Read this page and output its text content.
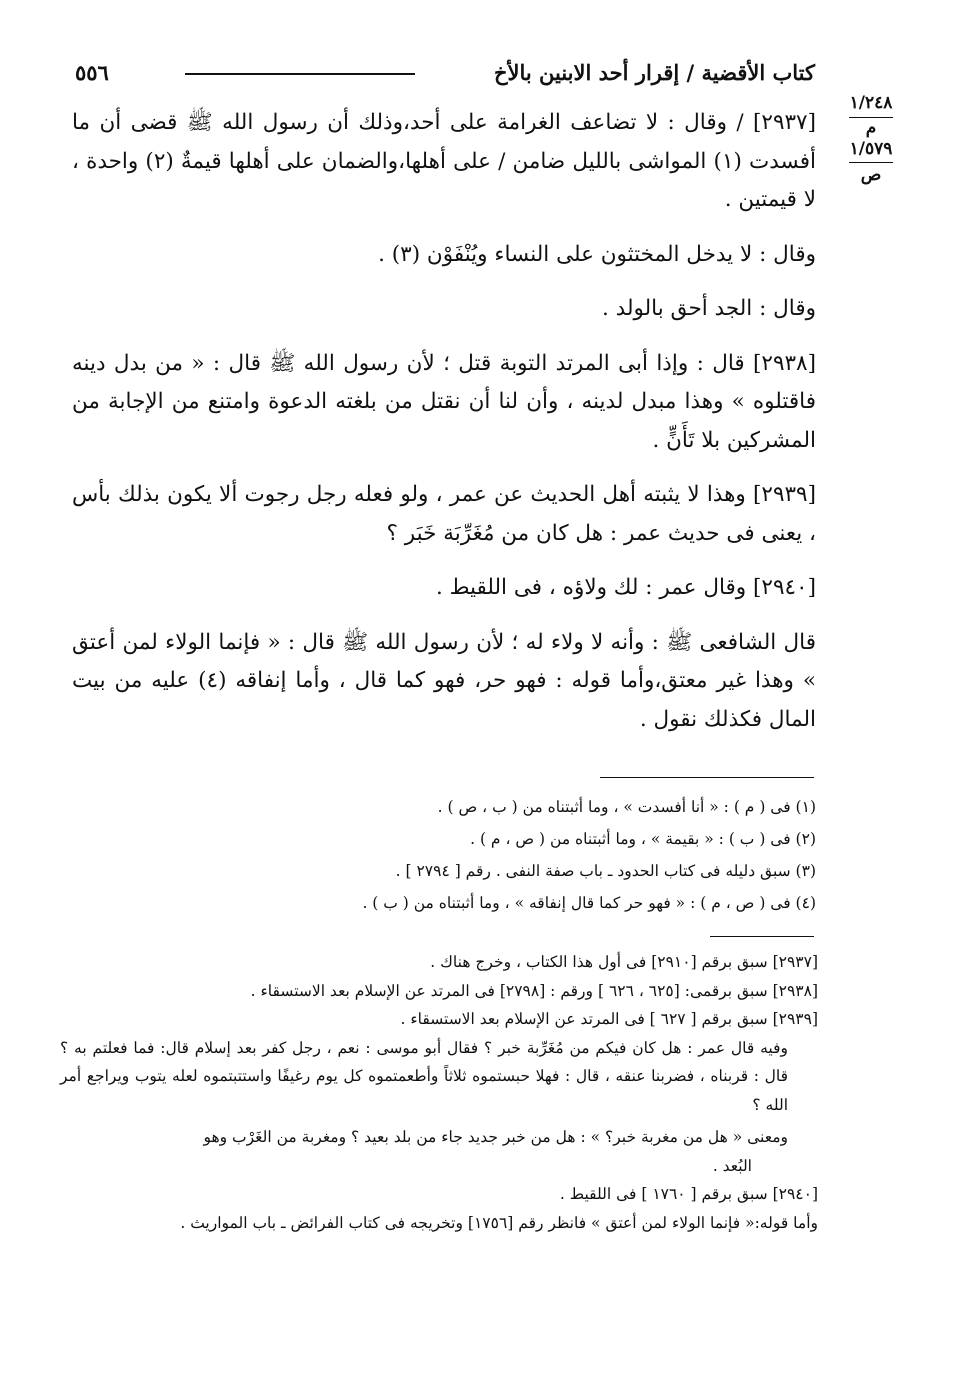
كتاب الأقضية / إقرار أحد الابنين بالأخ
٥٥٦
١/٢٤٨
م
١/٥٧٩
ص

[٢٩٣٧] / وقال : لا تضاعف الغرامة على أحد،وذلك أن رسول الله ﷺ قضى أن ما أفسدت (١) المواشى بالليل ضامن / على أهلها،والضمان على أهلها قيمةٌ (٢) واحدة ، لا قيمتين .

وقال : لا يدخل المختثون على النساء ويُنْفَوْن (٣) .

وقال : الجد أحق بالولد .

[٢٩٣٨] قال : وإذا أبى المرتد التوبة قتل ؛ لأن رسول الله ﷺ قال : « من بدل دينه فاقتلوه » وهذا مبدل لدينه ، وأن لنا أن نقتل من بلغته الدعوة وامتنع من الإجابة من المشركين بلا تَأَنٍّ .

[٢٩٣٩] وهذا لا يثبته أهل الحديث عن عمر ، ولو فعله رجل رجوت ألا يكون بذلك بأس ، يعنى فى حديث عمر : هل كان من مُغَرِّبَة خَبَر ؟

[٢٩٤٠] وقال عمر : لك ولاؤه ، فى اللقيط .

قال الشافعى ﷺ : وأنه لا ولاء له ؛ لأن رسول الله ﷺ قال : « فإنما الولاء لمن أعتق » وهذا غير معتق،وأما قوله : فهو حر، فهو كما قال ، وأما إنفاقه (٤) عليه من بيت المال فكذلك نقول .

(١) فى ( م ) : « أنا أفسدت » ، وما أثبتناه من ( ب ، ص ) .
(٢) فى ( ب ) : « بقيمة » ، وما أثبتناه من ( ص ، م ) .
(٣) سبق دليله فى كتاب الحدود ـ باب صفة النفى . رقم [ ٢٧٩٤ ] .
(٤) فى ( ص ، م ) : « فهو حر كما قال إنفاقه » ، وما أثبتناه من ( ب ) .
[٢٩٣٧] سبق برقم [٢٩١٠] فى أول هذا الكتاب ، وخرج هناك .
[٢٩٣٨] سبق برقمى: [٦٢٥ ، ٦٢٦ ] ورقم : [٢٧٩٨] فى المرتد عن الإسلام بعد الاستسقاء .
[٢٩٣٩] سبق برقم [ ٦٢٧ ] فى المرتد عن الإسلام بعد الاستسقاء .
وفيه قال عمر : هل كان فيكم من مُغَرِّبة خبر ؟ فقال أبو موسى : نعم ، رجل كفر بعد إسلام قال: فما فعلتم به ؟ قال : قربناه ، فضربنا عنقه ، قال : فهلا حبستموه ثلاثاً وأطعمتموه كل يوم رغيفًا واستتبتموه لعله يتوب ويراجع أمر الله ؟
ومعنى « هل من مغربة خبر؟ » : هل من خبر جديد جاء من بلد بعيد ؟ ومغربة من الغَرْب وهو
البُعد .
[٢٩٤٠] سبق برقم [ ١٧٦٠ ] فى اللقيط .
وأما قوله:« فإنما الولاء لمن أعتق » فانظر رقم [١٧٥٦] وتخريجه فى كتاب الفرائض ـ باب المواريث .
